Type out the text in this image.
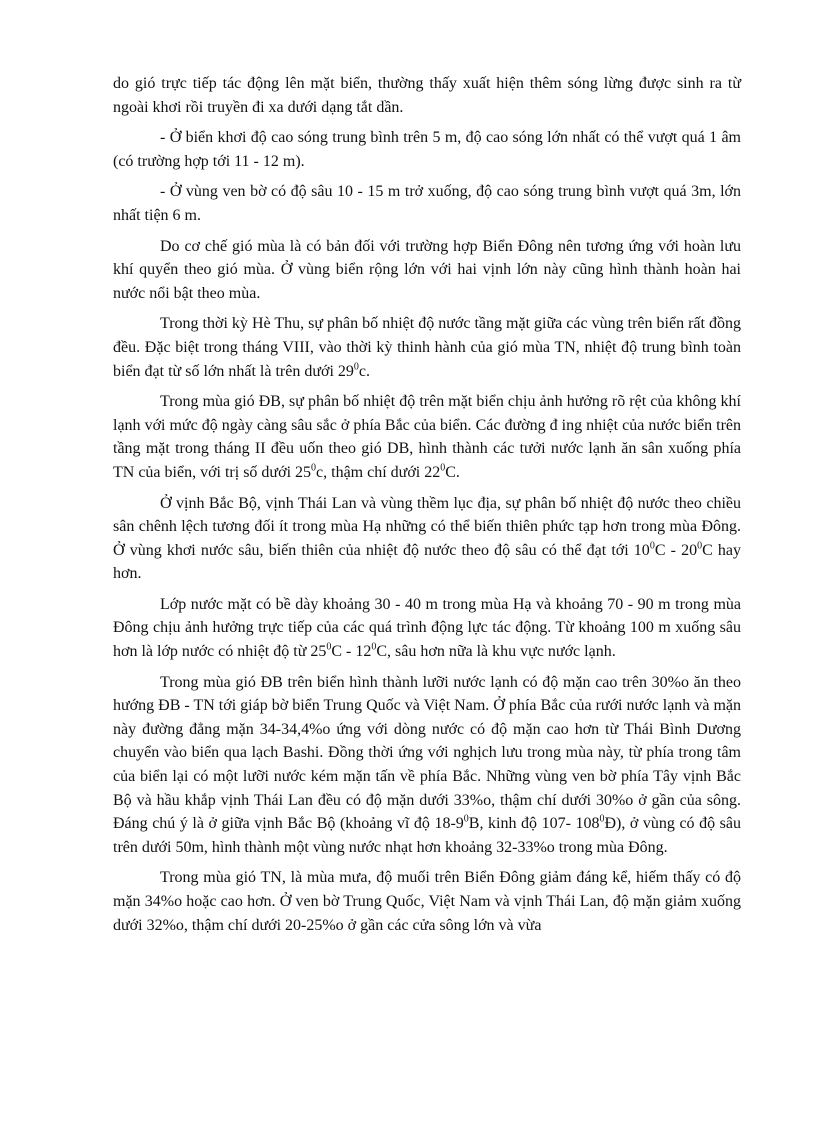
do gió trực tiếp tác động lên mặt biển, thường thấy xuất hiện thêm sóng lừng được sinh ra từ ngoài khơi rồi truyền đi xa dưới dạng tắt dần.

- Ở biển khơi độ cao sóng trung bình trên 5 m, độ cao sóng lớn nhất có thể vượt quá 1 âm (có trường hợp tới 11 - 12 m).

- Ở vùng ven bờ có độ sâu 10 - 15 m trở xuống, độ cao sóng trung bình vượt quá 3m, lớn nhất tiện 6 m.

Do cơ chế gió mùa là có bản đối với trường hợp Biển Đông nên tương ứng với hoàn lưu khí quyển theo gió mùa. Ở vùng biển rộng lớn với hai vịnh lớn này cũng hình thành hoàn hai nước nổi bật theo mùa.

Trong thời kỳ Hè Thu, sự phân bố nhiệt độ nước tầng mặt giữa các vùng trên biển rất đồng đều. Đặc biệt trong tháng VIII, vào thời kỳ thinh hành của gió mùa TN, nhiệt độ trung bình toàn biển đạt từ số lớn nhất là trên dưới $29^0c$.

Trong mùa gió ĐB, sự phân bố nhiệt độ trên mặt biển chịu ảnh hưởng rõ rệt của không khí lạnh với mức độ ngày càng sâu sắc ở phía Bắc của biển. Các đường đ ing nhiệt của nước biển trên tầng mặt trong tháng II đều uốn theo gió DB, hình thành các tưởi nước lạnh ăn sân xuống phía TN của biển, với trị số dưới $25^0c$, thậm chí dưới $22^0C$.

Ở vịnh Bắc Bộ, vịnh Thái Lan và vùng thềm lục địa, sự phân bố nhiệt độ nước theo chiều sân chênh lệch tương đối ít trong mùa Hạ những có thể biến thiên phức tạp hơn trong mùa Đông. Ở vùng khơi nước sâu, biến thiên của nhiệt độ nước theo độ sâu có thể đạt tới $10^0C - 20^0C$ hay hơn.

Lớp nước mặt có bề dày khoảng 30 - 40 m trong mùa Hạ và khoảng 70 - 90 m trong mùa Đông chịu ảnh hưởng trực tiếp của các quá trình động lực tác động. Từ khoảng 100 m xuống sâu hơn là lớp nước có nhiệt độ từ $25^0C - 12^0C$, sâu hơn nữa là khu vực nước lạnh.

Trong mùa gió ĐB trên biển hình thành lưỡi nước lạnh có độ mặn cao trên 30%o ăn theo hướng ĐB - TN tới giáp bờ biển Trung Quốc và Việt Nam. Ở phía Bắc của rưới nước lạnh và mặn này đường đẳng mặn 34-34,4%o ứng với dòng nước có độ mặn cao hơn từ Thái Bình Dương chuyển vào biển qua lạch Bashi. Đồng thời ứng với nghịch lưu trong mùa này, từ phía trong tâm của biển lại có một lưỡi nước kém mặn tấn về phía Bắc. Những vùng ven bờ phía Tây vịnh Bắc Bộ và hầu khắp vịnh Thái Lan đều có độ mặn dưới 33%o, thậm chí dưới 30%o ở gần của sông. Đáng chú ý là ở giữa vịnh Bắc Bộ (khoảng vĩ độ $18-9^0B$, kinh độ 107- $108^0Đ$), ở vùng có độ sâu trên dưới 50m, hình thành một vùng nước nhạt hơn khoảng 32-33%o trong mùa Đông.

Trong mùa gió TN, là mùa mưa, độ muối trên Biển Đông giảm đáng kể, hiếm thấy có độ mặn 34%o hoặc cao hơn. Ở ven bờ Trung Quốc, Việt Nam và vịnh Thái Lan, độ mặn giảm xuống dưới 32%o, thậm chí dưới 20-25%o ở gần các cửa sông lớn và vừa
